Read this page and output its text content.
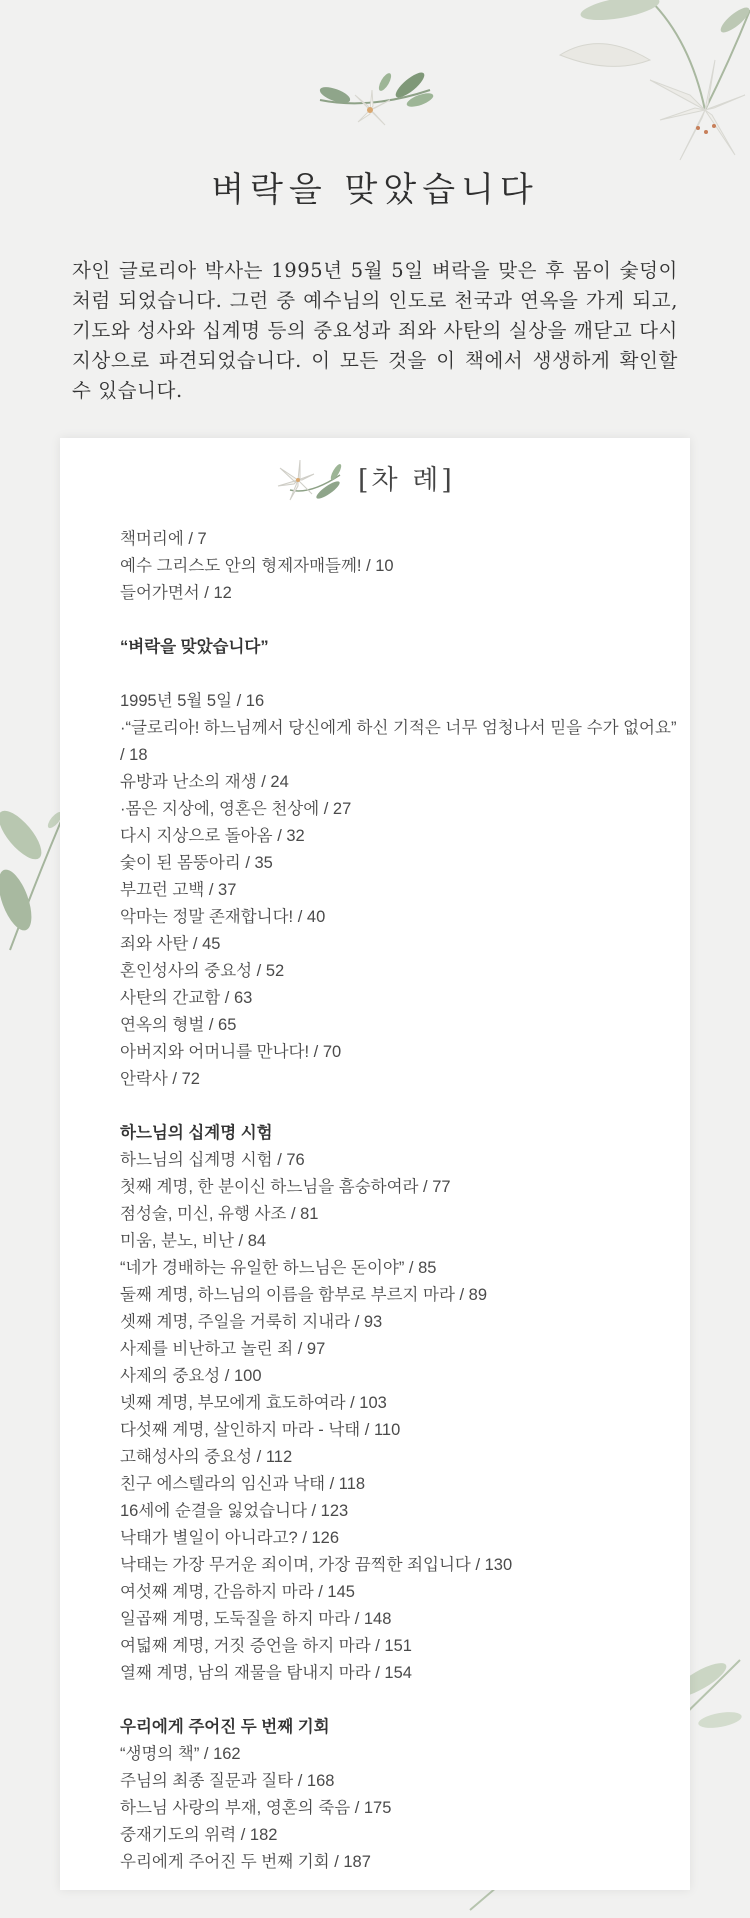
벼락을 맞았습니다
자인 글로리아 박사는 1995년 5월 5일 벼락을 맞은 후 몸이 숯덩이처럼 되었습니다. 그런 중 예수님의 인도로 천국과 연옥을 가게 되고, 기도와 성사와 십계명 등의 중요성과 죄와 사탄의 실상을 깨닫고 다시 지상으로 파견되었습니다. 이 모든 것을 이 책에서 생생하게 확인할 수 있습니다.
[차 례]
책머리에 / 7
예수 그리스도 안의 형제자매들께! / 10
들어가면서 / 12
“벼락을 맞았습니다”
1995년 5월 5일 / 16
·“글로리아! 하느님께서 당신에게 하신 기적은 너무 엄청나서 믿을 수가 없어요” / 18
유방과 난소의 재생 / 24
·몸은 지상에, 영혼은 천상에 / 27
다시 지상으로 돌아옴 / 32
숯이 된 몸뚱아리 / 35
부끄런 고백 / 37
악마는 정말 존재합니다! / 40
죄와 사탄 / 45
혼인성사의 중요성 / 52
사탄의 간교함 / 63
연옥의 형벌 / 65
아버지와 어머니를 만나다! / 70
안락사 / 72
하느님의 십계명 시험
하느님의 십계명 시험 / 76
첫째 계명, 한 분이신 하느님을 흠숭하여라 / 77
점성술, 미신, 유행 사조 / 81
미움, 분노, 비난 / 84
“네가 경배하는 유일한 하느님은 돈이야” / 85
둘째 계명, 하느님의 이름을 함부로 부르지 마라 / 89
셋째 계명, 주일을 거룩히 지내라 / 93
사제를 비난하고 놀린 죄 / 97
사제의 중요성 / 100
넷째 계명, 부모에게 효도하여라 / 103
다섯째 계명, 살인하지 마라 - 낙태 / 110
고해성사의 중요성 / 112
친구 에스텔라의 임신과 낙태 / 118
16세에 순결을 잃었습니다 / 123
낙태가 별일이 아니라고? / 126
낙태는 가장 무거운 죄이며, 가장 끔찍한 죄입니다 / 130
여섯째 계명, 간음하지 마라 / 145
일곱째 계명, 도둑질을 하지 마라 / 148
여덟째 계명, 거짓 증언을 하지 마라 / 151
열째 계명, 남의 재물을 탐내지 마라 / 154
우리에게 주어진 두 번째 기회
“생명의 책” / 162
주님의 최종 질문과 질타 / 168
하느님 사랑의 부재, 영혼의 죽음 / 175
중재기도의 위력 / 182
우리에게 주어진 두 번째 기회 / 187
